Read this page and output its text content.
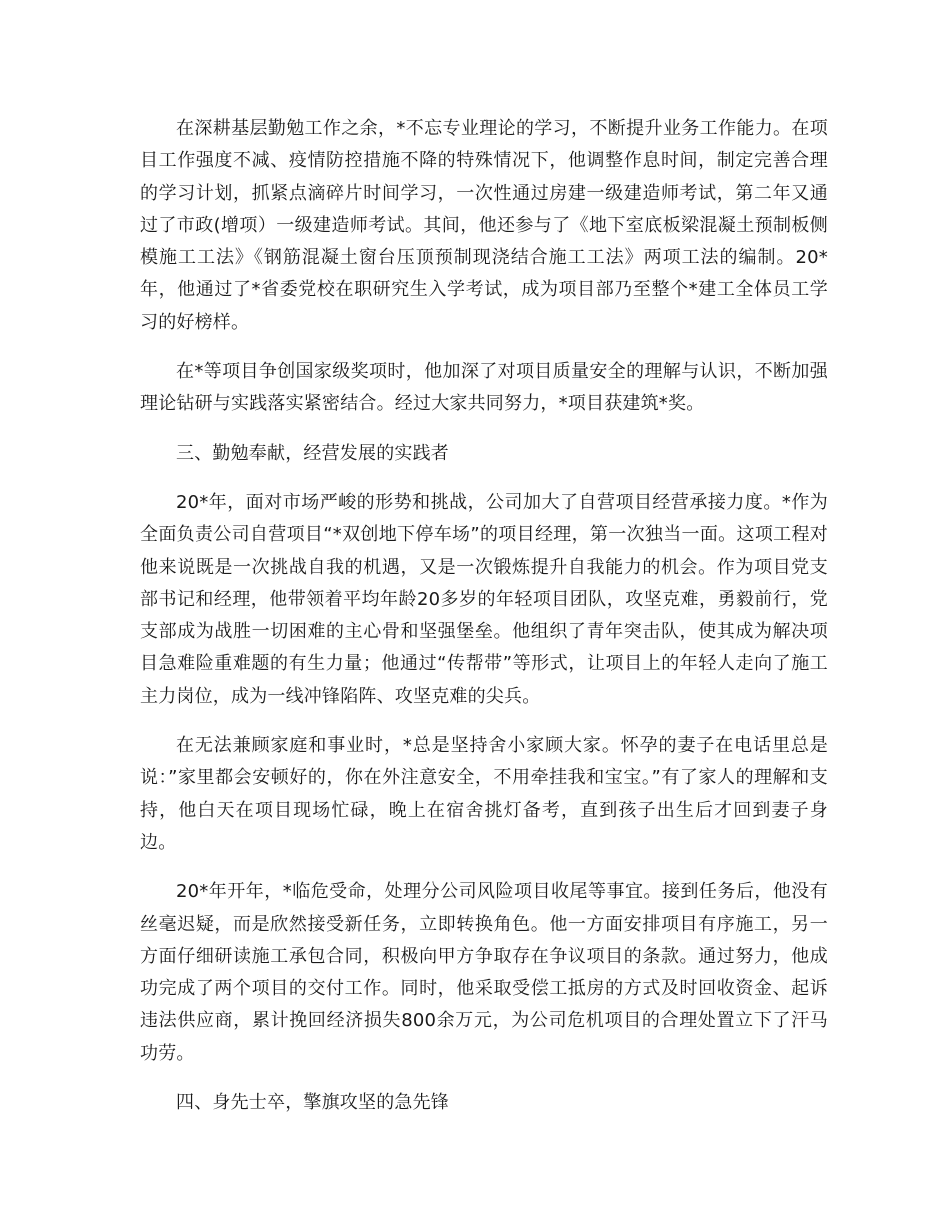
在深耕基层勤勉工作之余，*不忘专业理论的学习，不断提升业务工作能力。在项目工作强度不减、疫情防控措施不降的特殊情况下，他调整作息时间，制定完善合理的学习计划，抓紧点滴碎片时间学习，一次性通过房建一级建造师考试，第二年又通过了市政(增项）一级建造师考试。其间，他还参与了《地下室底板梁混凝土预制板侧模施工工法》《钢筋混凝土窗台压顶预制现浇结合施工工法》两项工法的编制。20*年，他通过了*省委党校在职研究生入学考试，成为项目部乃至整个*建工全体员工学习的好榜样。

在*等项目争创国家级奖项时，他加深了对项目质量安全的理解与认识，不断加强理论钻研与实践落实紧密结合。经过大家共同努力，*项目获建筑*奖。

三、勤勉奉献，经营发展的实践者

20*年，面对市场严峻的形势和挑战，公司加大了自营项目经营承接力度。*作为全面负责公司自营项目“*双创地下停车场”的项目经理，第一次独当一面。这项工程对他来说既是一次挑战自我的机遇，又是一次锻炼提升自我能力的机会。作为项目党支部书记和经理，他带领着平均年龄20多岁的年轻项目团队，攻坚克难，勇毅前行，党支部成为战胜一切困难的主心骨和坚强堡垒。他组织了青年突击队，使其成为解决项目急难险重难题的有生力量；他通过“传帮带”等形式，让项目上的年轻人走向了施工主力岗位，成为一线冲锋陷阵、攻坚克难的尖兵。

在无法兼顾家庭和事业时，*总是坚持舍小家顾大家。怀孕的妻子在电话里总是说：”家里都会安顿好的，你在外注意安全，不用牵挂我和宝宝。”有了家人的理解和支持，他白天在项目现场忙碌，晚上在宿舍挑灯备考，直到孩子出生后才回到妻子身边。

20*年开年，*临危受命，处理分公司风险项目收尾等事宜。接到任务后，他没有丝毫迟疑，而是欣然接受新任务，立即转换角色。他一方面安排项目有序施工，另一方面仔细研读施工承包合同，积极向甲方争取存在争议项目的条款。通过努力，他成功完成了两个项目的交付工作。同时，他采取受偿工抵房的方式及时回收资金、起诉违法供应商，累计挽回经济损失800余万元，为公司危机项目的合理处置立下了汗马功劳。

四、身先士卒，擎旗攻坚的急先锋
